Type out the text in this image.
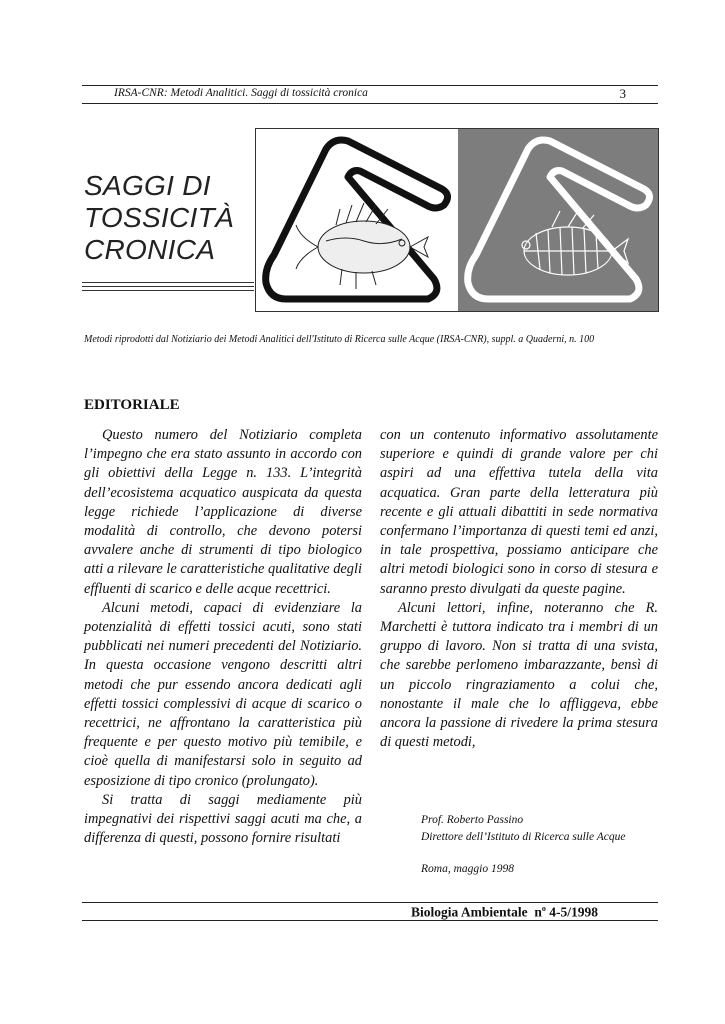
IRSA-CNR: Metodi Analitici. Saggi di tossicità cronica	3
SAGGI DI
TOSSICITÀ
CRONICA
Metodi riprodotti dal Notiziario dei Metodi Analitici dell'Istituto di Ricerca sulle Acque (IRSA-CNR), suppl. a Quaderni, n. 100
EDITORIALE

Questo numero del Notiziario completa l’impegno che era stato assunto in accordo con gli obiettivi della Legge n. 133. L’integrità dell’ecosistema acquatico auspicata da questa legge richiede l’applicazione di diverse modalità di controllo, che devono potersi avvalere anche di strumenti di tipo biologico atti a rilevare le caratteristiche qualitative degli effluenti di scarico e delle acque recettrici.

Alcuni metodi, capaci di evidenziare la potenzialità di effetti tossici acuti, sono stati pubblicati nei numeri precedenti del Notiziario. In questa occasione vengono descritti altri metodi che pur essendo ancora dedicati agli effetti tossici complessivi di acque di scarico o recettrici, ne affrontano la caratteristica più frequente e per questo motivo più temibile, e cioè quella di manifestarsi solo in seguito ad esposizione di tipo cronico (prolungato).

Si tratta di saggi mediamente più impegnativi dei rispettivi saggi acuti ma che, a differenza di questi, possono fornire risultati

con un contenuto informativo assolutamente superiore e quindi di grande valore per chi aspiri ad una effettiva tutela della vita acquatica. Gran parte della letteratura più recente e gli attuali dibattiti in sede normativa confermano l’importanza di questi temi ed anzi, in tale prospettiva, possiamo anticipare che altri metodi biologici sono in corso di stesura e saranno presto divulgati da queste pagine.

Alcuni lettori, infine, noteranno che R. Marchetti è tuttora indicato tra i membri di un gruppo di lavoro. Non si tratta di una svista, che sarebbe perlomeno imbarazzante, bensì di un piccolo ringraziamento a colui che, nonostante il male che lo affliggeva, ebbe ancora la passione di rivedere la prima stesura di questi metodi,

Prof. Roberto Passino
Direttore dell’Istituto di Ricerca sulle Acque
Roma, maggio 1998
Biologia Ambientale $n^o$ 4-5/1998
